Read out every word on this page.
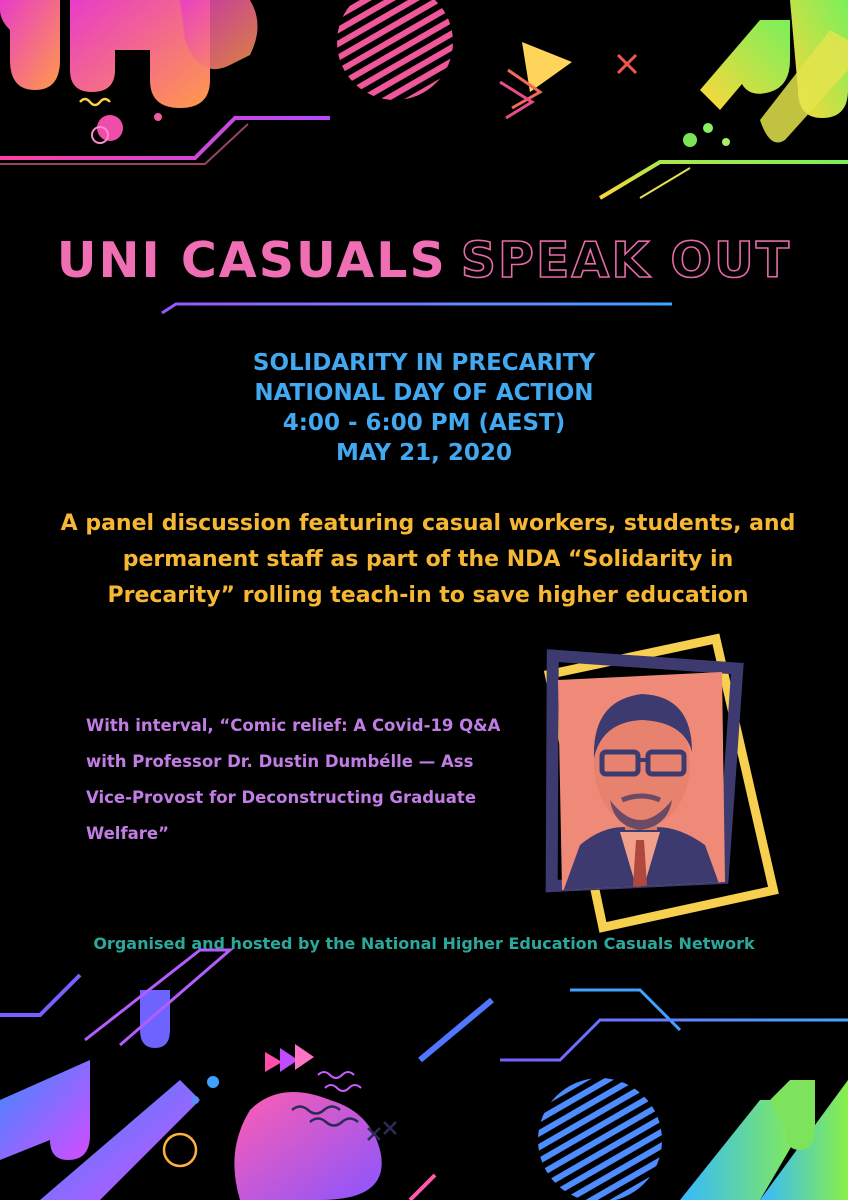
UNI CASUALS SPEAK OUT
SOLIDARITY IN PRECARITY
NATIONAL DAY OF ACTION
4:00 - 6:00 PM (AEST)
MAY 21, 2020
A panel discussion featuring casual workers, students, and permanent staff as part of the NDA “Solidarity in Precarity” rolling teach-in to save higher education
With interval, “Comic relief: A Covid-19 Q&A with Professor Dr. Dustin Dumbélle — Ass Vice-Provost for Deconstructing Graduate Welfare”
Organised and hosted by the National Higher Education Casuals Network
